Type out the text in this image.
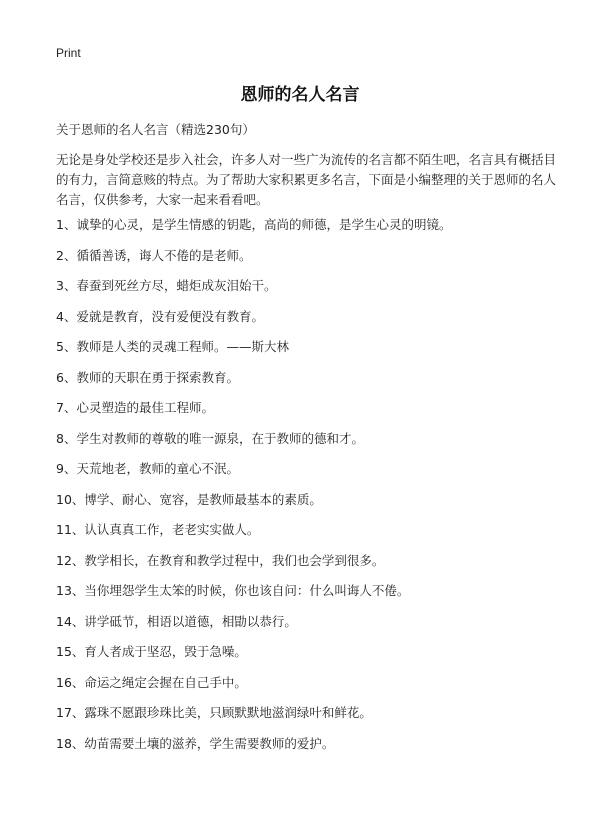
Print
恩师的名人名言
关于恩师的名人名言（精选230句）

无论是身处学校还是步入社会，许多人对一些广为流传的名言都不陌生吧，名言具有概括目的有力，言简意赅的特点。为了帮助大家积累更多名言，下面是小编整理的关于恩师的名人名言，仅供参考，大家一起来看看吧。

1、诚挚的心灵，是学生情感的钥匙，高尚的师德，是学生心灵的明镜。
2、循循善诱，诲人不倦的是老师。
3、春蚕到死丝方尽，蜡炬成灰泪始干。
4、爱就是教育，没有爱便没有教育。
5、教师是人类的灵魂工程师。——斯大林
6、教师的天职在勇于探索教育。
7、心灵塑造的最佳工程师。
8、学生对教师的尊敬的唯一源泉，在于教师的德和才。
9、天荒地老，教师的童心不泯。
10、博学、耐心、宽容，是教师最基本的素质。
11、认认真真工作，老老实实做人。
12、教学相长，在教育和教学过程中，我们也会学到很多。
13、当你埋怨学生太笨的时候，你也该自问：什么叫诲人不倦。
14、讲学砥节，相语以道德，相勖以恭行。
15、育人者成于坚忍，毁于急噪。
16、命运之绳定会握在自己手中。
17、露珠不愿跟珍珠比美，只顾默默地滋润绿叶和鲜花。
18、幼苗需要土壤的滋养，学生需要教师的爱护。
